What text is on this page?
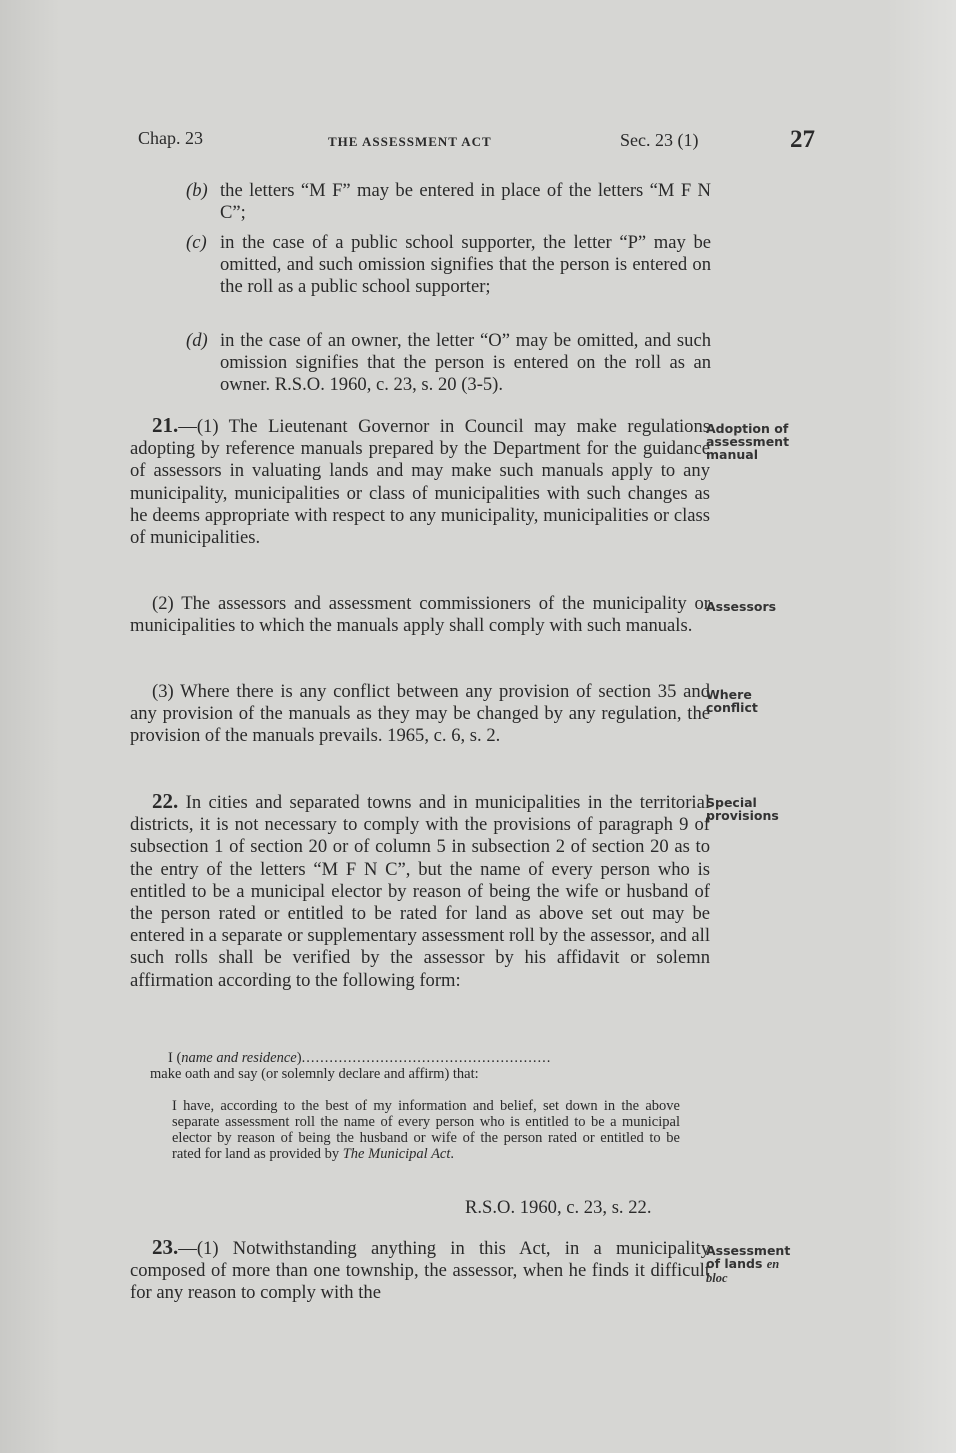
Chap. 23	THE ASSESSMENT ACT	Sec. 23 (1)	27
(b) the letters “M F” may be entered in place of the letters “M F N C”;
(c) in the case of a public school supporter, the letter “P” may be omitted, and such omission signifies that the person is entered on the roll as a public school supporter;
(d) in the case of an owner, the letter “O” may be omitted, and such omission signifies that the person is entered on the roll as an owner. R.S.O. 1960, c. 23, s. 20 (3-5).
21.—(1) The Lieutenant Governor in Council may make regulations adopting by reference manuals prepared by the Department for the guidance of assessors in valuating lands and may make such manuals apply to any municipality, municipalities or class of municipalities with such changes as he deems appropriate with respect to any municipality, municipalities or class of municipalities.
Adoption of assessment manual
(2) The assessors and assessment commissioners of the municipality or municipalities to which the manuals apply shall comply with such manuals.
Assessors
(3) Where there is any conflict between any provision of section 35 and any provision of the manuals as they may be changed by any regulation, the provision of the manuals prevails. 1965, c. 6, s. 2.
Where conflict
22. In cities and separated towns and in municipalities in the territorial districts, it is not necessary to comply with the provisions of paragraph 9 of subsection 1 of section 20 or of column 5 in subsection 2 of section 20 as to the entry of the letters “M F N C”, but the name of every person who is entitled to be a municipal elector by reason of being the wife or husband of the person rated or entitled to be rated for land as above set out may be entered in a separate or supplementary assessment roll by the assessor, and all such rolls shall be verified by the assessor by his affidavit or solemn affirmation according to the following form:
Special provisions
I (name and residence)......................................................
make oath and say (or solemnly declare and affirm) that:
I have, according to the best of my information and belief, set down in the above separate assessment roll the name of every person who is entitled to be a municipal elector by reason of being the husband or wife of the person rated or entitled to be rated for land as provided by The Municipal Act.
R.S.O. 1960, c. 23, s. 22.
23.—(1) Notwithstanding anything in this Act, in a municipality composed of more than one township, the assessor, when he finds it difficult for any reason to comply with the
Assessment of lands en bloc
